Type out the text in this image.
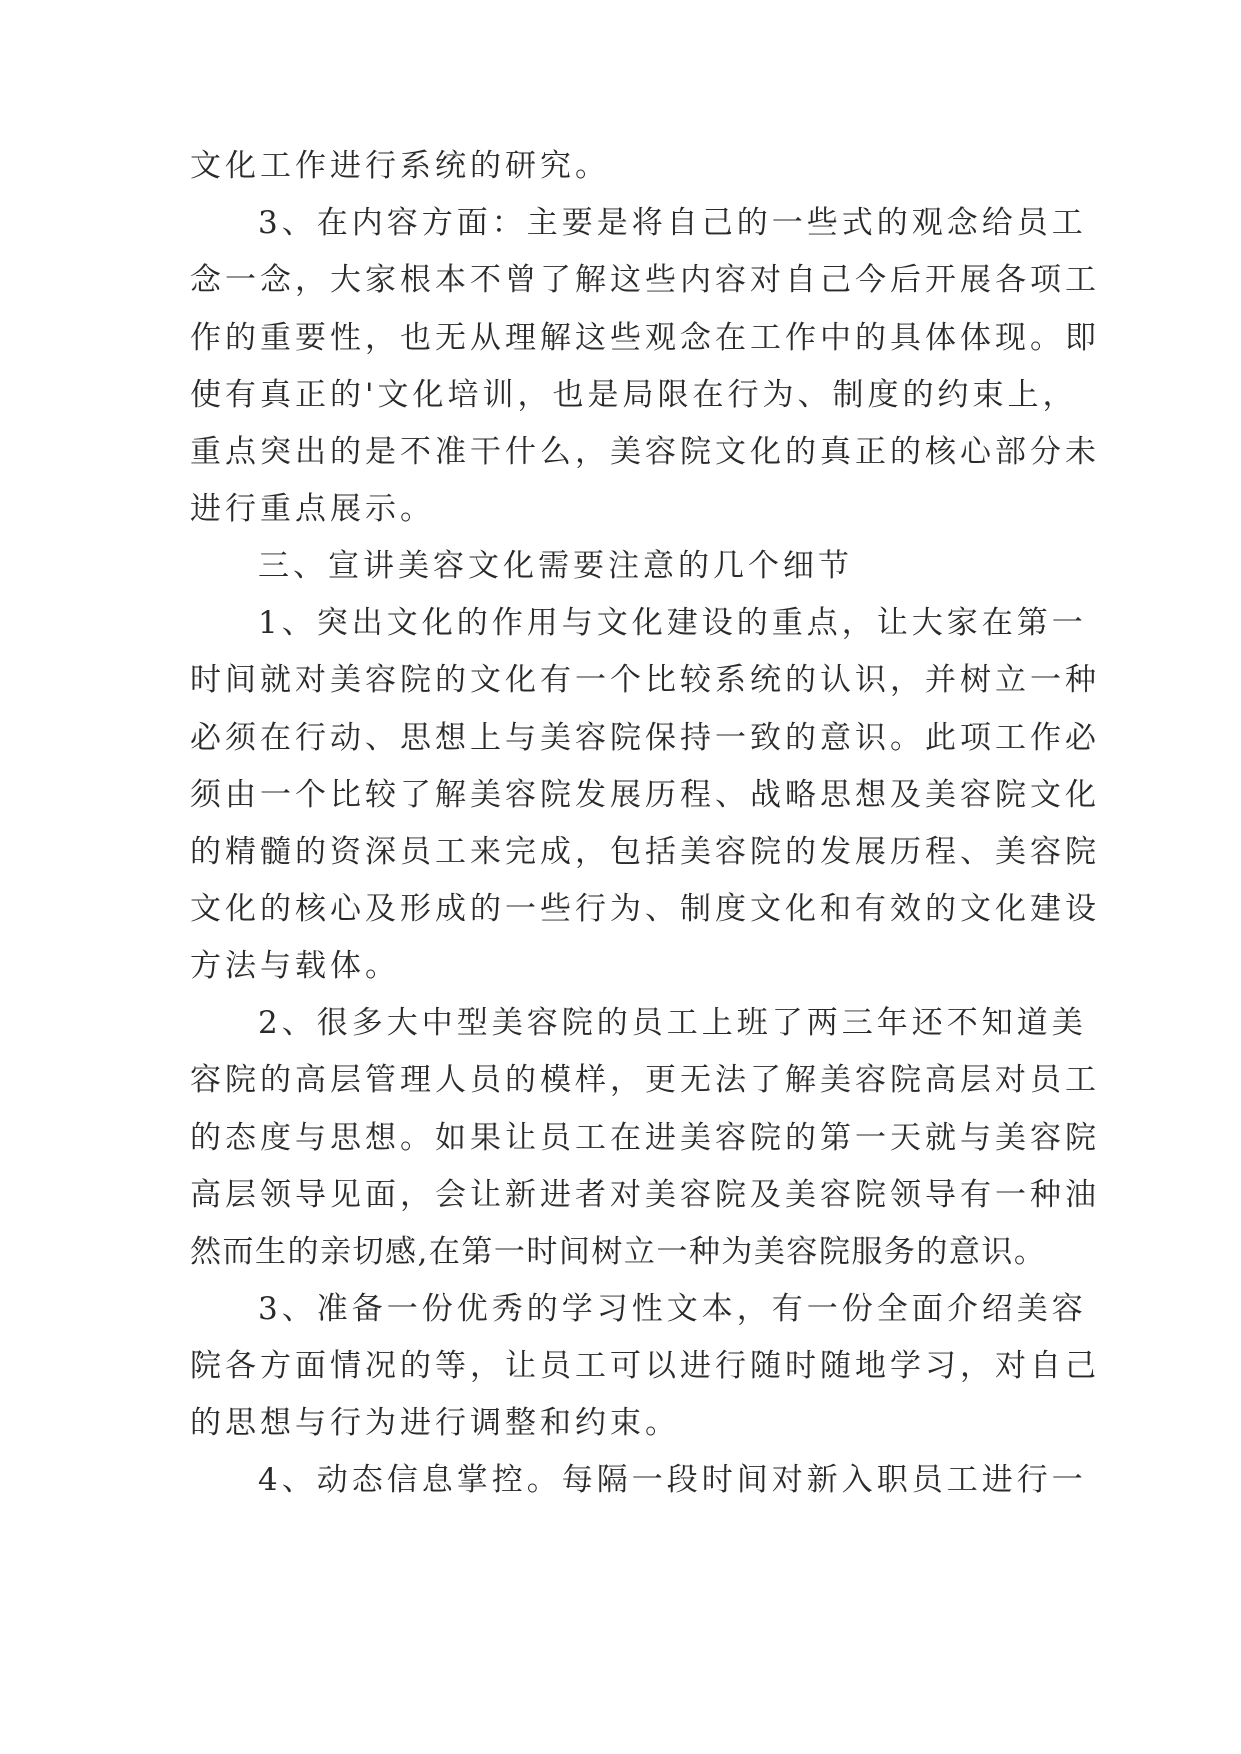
文化工作进行系统的研究。
3、在内容方面：主要是将自己的一些式的观念给员工
念一念，大家根本不曾了解这些内容对自己今后开展各项工
作的重要性，也无从理解这些观念在工作中的具体体现。即
使有真正的'文化培训，也是局限在行为、制度的约束上，
重点突出的是不准干什么，美容院文化的真正的核心部分未
进行重点展示。
三、宣讲美容文化需要注意的几个细节
1、突出文化的作用与文化建设的重点，让大家在第一
时间就对美容院的文化有一个比较系统的认识，并树立一种
必须在行动、思想上与美容院保持一致的意识。此项工作必
须由一个比较了解美容院发展历程、战略思想及美容院文化
的精髓的资深员工来完成，包括美容院的发展历程、美容院
文化的核心及形成的一些行为、制度文化和有效的文化建设
方法与载体。
2、很多大中型美容院的员工上班了两三年还不知道美
容院的高层管理人员的模样，更无法了解美容院高层对员工
的态度与思想。如果让员工在进美容院的第一天就与美容院
高层领导见面，会让新进者对美容院及美容院领导有一种油
然而生的亲切感,在第一时间树立一种为美容院服务的意识。
3、准备一份优秀的学习性文本，有一份全面介绍美容
院各方面情况的等，让员工可以进行随时随地学习，对自己
的思想与行为进行调整和约束。
4、动态信息掌控。每隔一段时间对新入职员工进行一
